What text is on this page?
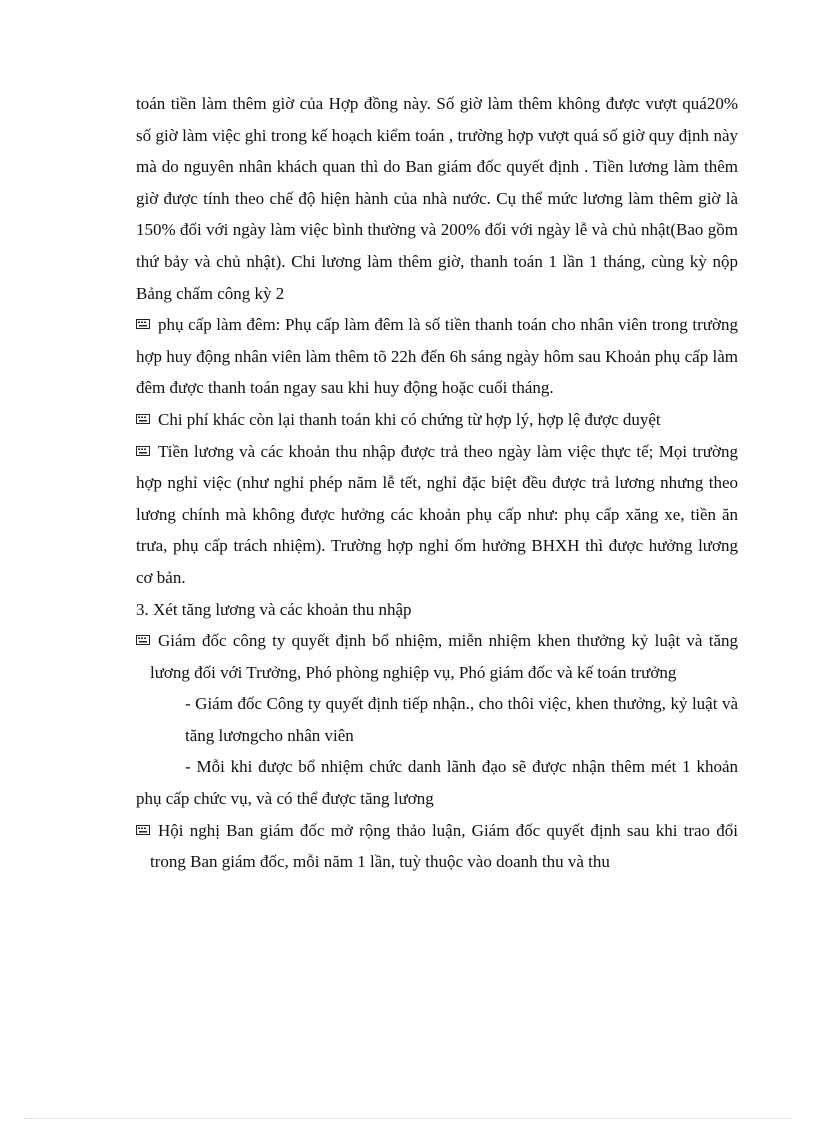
toán tiền làm thêm giờ của Hợp đồng này. Số giờ làm thêm không được vượt quá20% số giờ làm việc ghi trong kế hoạch kiểm toán , trường hợp vượt quá số giờ quy định này mà do nguyên nhân khách quan thì do Ban giám đốc quyết định . Tiền lương làm thêm giờ được tính theo chế độ hiện hành của nhà nước. Cụ thể mức lương làm thêm giờ là 150% đối với ngày làm việc bình thường và 200% đối với ngày lễ và chủ nhật(Bao gồm thứ bảy và chủ nhật). Chi lương làm thêm giờ, thanh toán 1 lần 1 tháng, cùng kỳ nộp Bảng chấm công kỳ 2

phụ cấp làm đêm: Phụ cấp làm đêm là số tiền thanh toán cho nhân viên trong trường hợp huy động nhân viên làm thêm tõ 22h đến 6h sáng ngày hôm sau Khoản phụ cấp làm đêm được thanh toán ngay sau khi huy động hoặc cuối tháng.

Chi phí khác còn lại thanh toán khi có chứng từ hợp lý, hợp lệ được duyệt

Tiền lương và các khoản thu nhập được trả theo ngày làm việc thực tế; Mọi trường hợp nghỉ việc (như nghỉ phép năm lễ tết, nghỉ đặc biệt đều được trả lương nhưng theo lương chính mà không được hưởng các khoản phụ cấp như: phụ cấp xăng xe, tiền ăn trưa, phụ cấp trách nhiệm). Trường hợp nghỉ ốm hưởng BHXH thì được hưởng lương cơ bản.

3. Xét tăng lương và các khoản thu nhập

Giám đốc công ty quyết định bổ nhiệm, miễn nhiệm khen thưởng kỷ luật và tăng lương đối với Trưởng, Phó phòng nghiệp vụ, Phó giám đốc và kế toán trưởng

- Giám đốc Công ty quyết định tiếp nhận., cho thôi việc, khen thưởng, kỷ luật và tăng lươngcho nhân viên

- Mỗi khi được bổ nhiệm chức danh lãnh đạo sẽ được nhận thêm mét 1 khoản phụ cấp chức vụ, và có thể được tăng lương

Hội nghị Ban giám đốc mở rộng thảo luận, Giám đốc quyết định sau khi trao đổi trong Ban giám đốc, mỗi năm 1 lần, tuỳ thuộc vào doanh thu và thu
